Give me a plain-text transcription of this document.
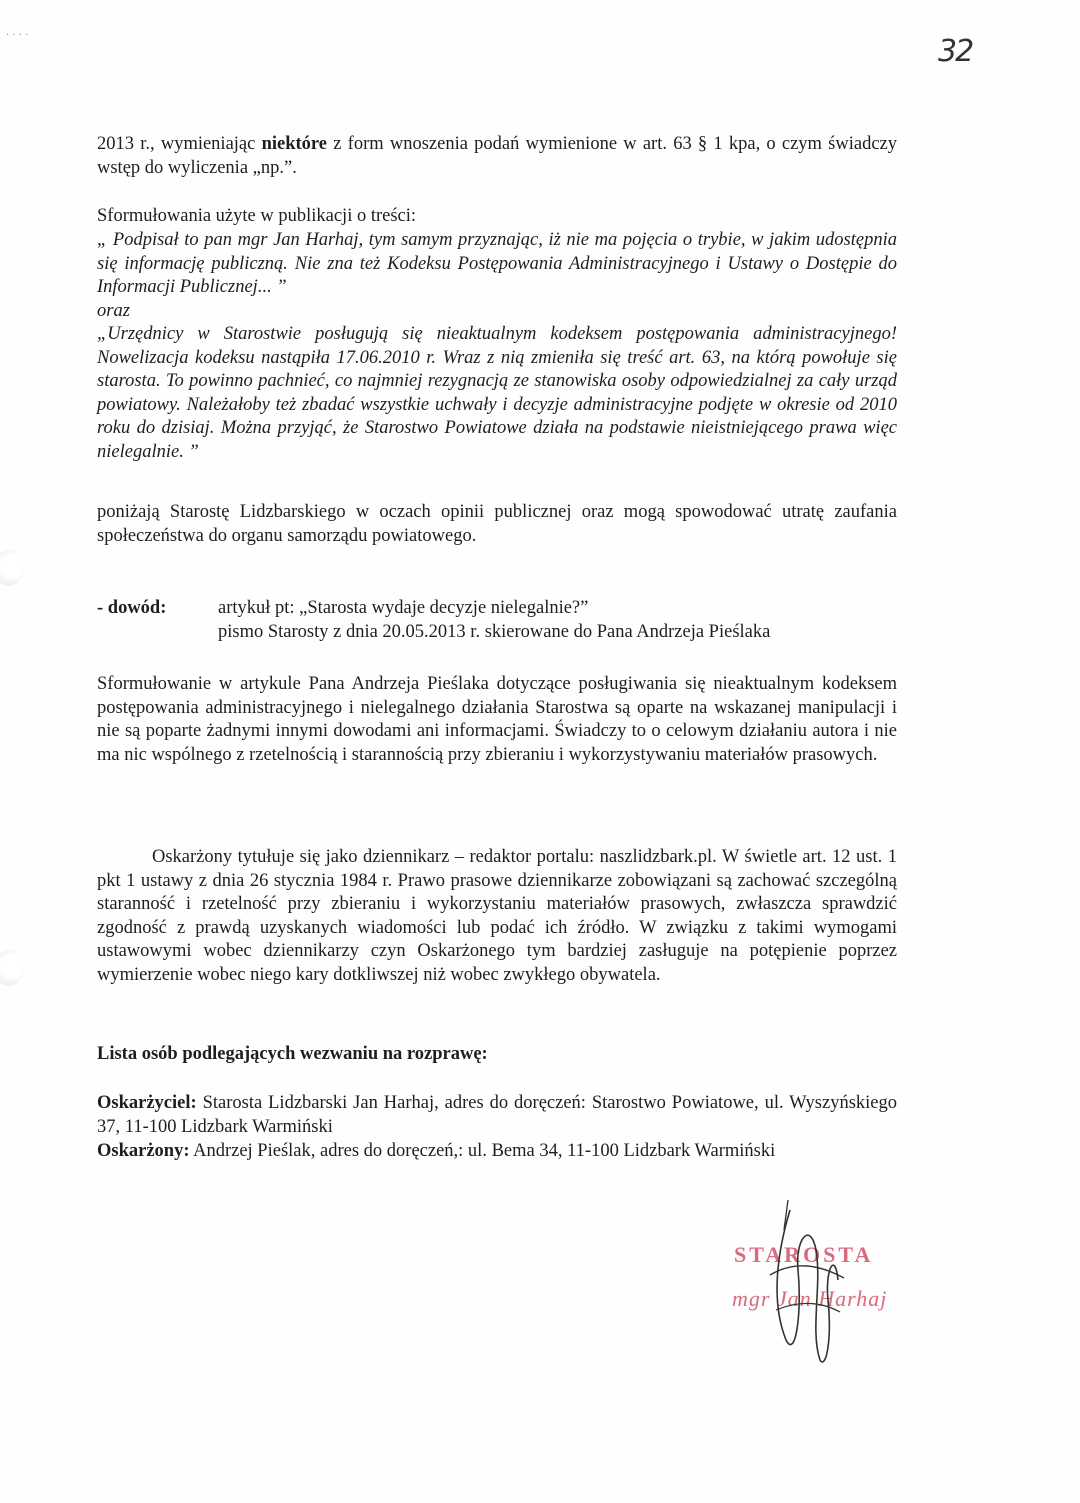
· · · ·	32

2013 r., wymieniając niektóre z form wnoszenia podań wymienione w art. 63 § 1 kpa, o czym świadczy wstęp do wyliczenia „np.”.

Sformułowania użyte w publikacji o treści:

„ Podpisał to pan mgr Jan Harhaj, tym samym przyznając, iż nie ma pojęcia o trybie, w jakim udostępnia się informację publiczną. Nie zna też Kodeksu Postępowania Administracyjnego i Ustawy o Dostępie do Informacji Publicznej... ”

oraz

„Urzędnicy w Starostwie posługują się nieaktualnym kodeksem postępowania administracyjnego! Nowelizacja kodeksu nastąpiła 17.06.2010 r. Wraz z nią zmieniła się treść art. 63, na którą powołuje się starosta. To powinno pachnieć, co najmniej rezygnacją ze stanowiska osoby odpowiedzialnej za cały urząd powiatowy. Należałoby też zbadać wszystkie uchwały i decyzje administracyjne podjęte w okresie od 2010 roku do dzisiaj. Można przyjąć, że Starostwo Powiatowe działa na podstawie nieistniejącego prawa więc nielegalnie. ”

poniżają Starostę Lidzbarskiego w oczach opinii publicznej oraz mogą spowodować utratę zaufania społeczeństwa do organu samorządu powiatowego.

- dowód:	artykuł pt: „Starosta wydaje decyzje nielegalnie?”
pismo Starosty z dnia 20.05.2013 r. skierowane do Pana Andrzeja Pieślaka

Sformułowanie w artykule Pana Andrzeja Pieślaka dotyczące posługiwania się nieaktualnym kodeksem postępowania administracyjnego i nielegalnego działania Starostwa są oparte na wskazanej manipulacji i nie są poparte żadnymi innymi dowodami ani informacjami. Świadczy to o celowym działaniu autora i nie ma nic wspólnego z rzetelnością i starannością przy zbieraniu i wykorzystywaniu materiałów prasowych.

Oskarżony tytułuje się jako dziennikarz – redaktor portalu: naszlidzbark.pl. W świetle art. 12 ust. 1 pkt 1 ustawy z dnia 26 stycznia 1984 r. Prawo prasowe dziennikarze zobowiązani są zachować szczególną staranność i rzetelność przy zbieraniu i wykorzystaniu materiałów prasowych, zwłaszcza sprawdzić zgodność z prawdą uzyskanych wiadomości lub podać ich źródło. W związku z takimi wymogami ustawowymi wobec dziennikarzy czyn Oskarżonego tym bardziej zasługuje na potępienie poprzez wymierzenie wobec niego kary dotkliwszej niż wobec zwykłego obywatela.

Lista osób podlegających wezwaniu na rozprawę:

Oskarżyciel: Starosta Lidzbarski Jan Harhaj, adres do doręczeń: Starostwo Powiatowe, ul. Wyszyńskiego 37, 11-100 Lidzbark Warmiński

Oskarżony: Andrzej Pieślak, adres do doręczeń,: ul. Bema 34, 11-100 Lidzbark Warmiński

STAROSTA
mgr Jan Harhaj
